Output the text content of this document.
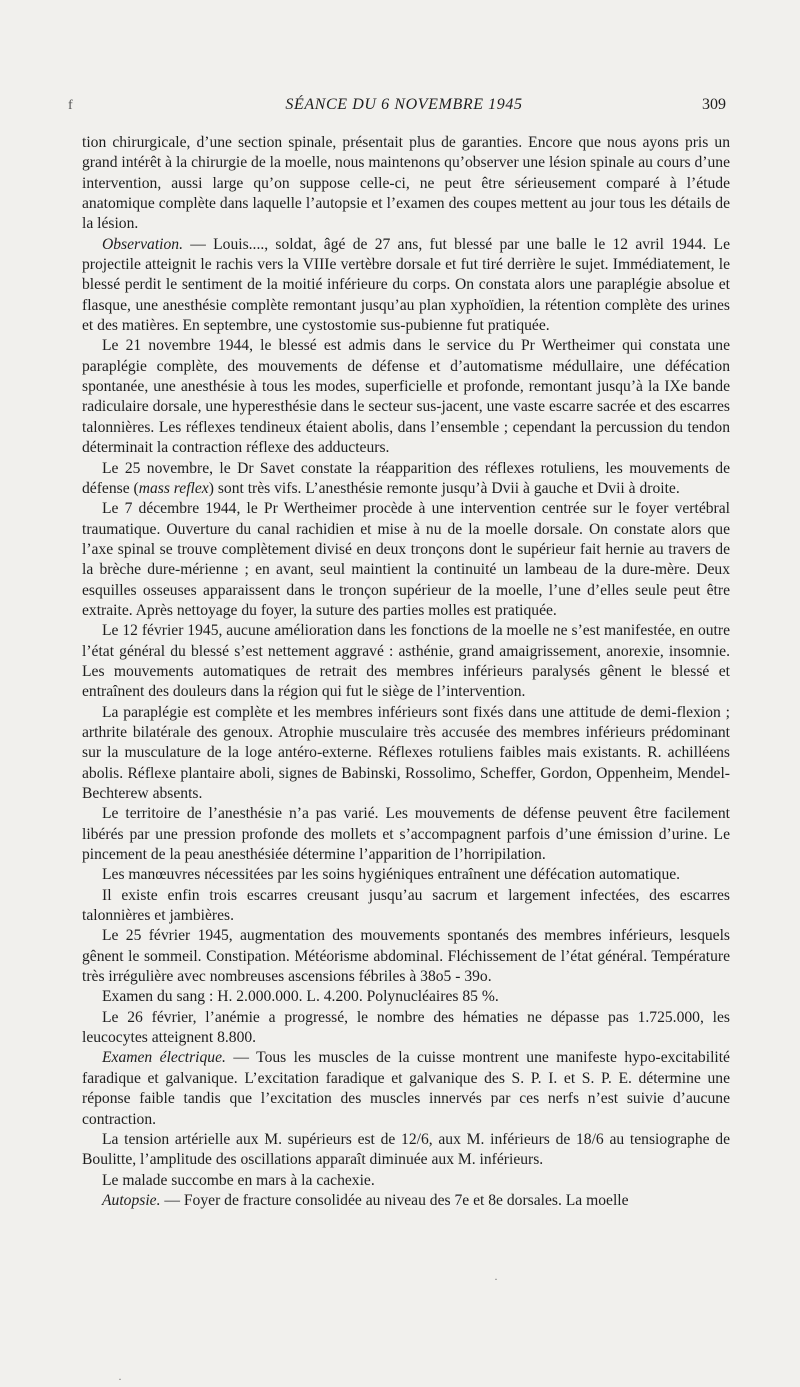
f	SÉANCE DU 6 NOVEMBRE 1945	309

tion chirurgicale, d’une section spinale, présentait plus de garanties. Encore que nous ayons pris un grand intérêt à la chirurgie de la moelle, nous maintenons qu’observer une lésion spinale au cours d’une intervention, aussi large qu’on suppose celle-ci, ne peut être sérieusement comparé à l’étude anatomique complète dans laquelle l’autopsie et l’examen des coupes mettent au jour tous les détails de la lésion.

Observation. — Louis...., soldat, âgé de 27 ans, fut blessé par une balle le 12 avril 1944. Le projectile atteignit le rachis vers la VIIIe vertèbre dorsale et fut tiré derrière le sujet. Immédiatement, le blessé perdit le sentiment de la moitié inférieure du corps. On constata alors une paraplégie absolue et flasque, une anesthésie complète remontant jusqu’au plan xyphoïdien, la rétention complète des urines et des matières. En septembre, une cystostomie sus-pubienne fut pratiquée.

Le 21 novembre 1944, le blessé est admis dans le service du Pr Wertheimer qui constata une paraplégie complète, des mouvements de défense et d’automatisme médullaire, une défécation spontanée, une anesthésie à tous les modes, superficielle et profonde, remontant jusqu’à la IXe bande radiculaire dorsale, une hyperesthésie dans le secteur sus-jacent, une vaste escarre sacrée et des escarres talonnières. Les réflexes tendineux étaient abolis, dans l’ensemble ; cependant la percussion du tendon déterminait la contraction réflexe des adducteurs.

Le 25 novembre, le Dr Savet constate la réapparition des réflexes rotuliens, les mouvements de défense (mass reflex) sont très vifs. L’anesthésie remonte jusqu’à Dvii à gauche et Dvii à droite.

Le 7 décembre 1944, le Pr Wertheimer procède à une intervention centrée sur le foyer vertébral traumatique. Ouverture du canal rachidien et mise à nu de la moelle dorsale. On constate alors que l’axe spinal se trouve complètement divisé en deux tronçons dont le supérieur fait hernie au travers de la brèche dure-mérienne ; en avant, seul maintient la continuité un lambeau de la dure-mère. Deux esquilles osseuses apparaissent dans le tronçon supérieur de la moelle, l’une d’elles seule peut être extraite. Après nettoyage du foyer, la suture des parties molles est pratiquée.

Le 12 février 1945, aucune amélioration dans les fonctions de la moelle ne s’est manifestée, en outre l’état général du blessé s’est nettement aggravé : asthénie, grand amaigrissement, anorexie, insomnie. Les mouvements automatiques de retrait des membres inférieurs paralysés gênent le blessé et entraînent des douleurs dans la région qui fut le siège de l’intervention.

La paraplégie est complète et les membres inférieurs sont fixés dans une attitude de demi-flexion ; arthrite bilatérale des genoux. Atrophie musculaire très accusée des membres inférieurs prédominant sur la musculature de la loge antéro-externe. Réflexes rotuliens faibles mais existants. R. achilléens abolis. Réflexe plantaire aboli, signes de Babinski, Rossolimo, Scheffer, Gordon, Oppenheim, Mendel-Bechterew absents.

Le territoire de l’anesthésie n’a pas varié. Les mouvements de défense peuvent être facilement libérés par une pression profonde des mollets et s’accompagnent parfois d’une émission d’urine. Le pincement de la peau anesthésiée détermine l’apparition de l’horripilation.

Les manœuvres nécessitées par les soins hygiéniques entraînent une défécation automatique.

Il existe enfin trois escarres creusant jusqu’au sacrum et largement infectées, des escarres talonnières et jambières.

Le 25 février 1945, augmentation des mouvements spontanés des membres inférieurs, lesquels gênent le sommeil. Constipation. Météorisme abdominal. Fléchissement de l’état général. Température très irrégulière avec nombreuses ascensions fébriles à 38o5 - 39o.

Examen du sang : H. 2.000.000. L. 4.200. Polynucléaires 85 %.

Le 26 février, l’anémie a progressé, le nombre des hématies ne dépasse pas 1.725.000, les leucocytes atteignent 8.800.

Examen électrique. — Tous les muscles de la cuisse montrent une manifeste hypo-excitabilité faradique et galvanique. L’excitation faradique et galvanique des S. P. I. et S. P. E. détermine une réponse faible tandis que l’excitation des muscles innervés par ces nerfs n’est suivie d’aucune contraction.

La tension artérielle aux M. supérieurs est de 12/6, aux M. inférieurs de 18/6 au tensiographe de Boulitte, l’amplitude des oscillations apparaît diminuée aux M. inférieurs.

Le malade succombe en mars à la cachexie.

Autopsie. — Foyer de fracture consolidée au niveau des 7e et 8e dorsales. La moelle

·
·
